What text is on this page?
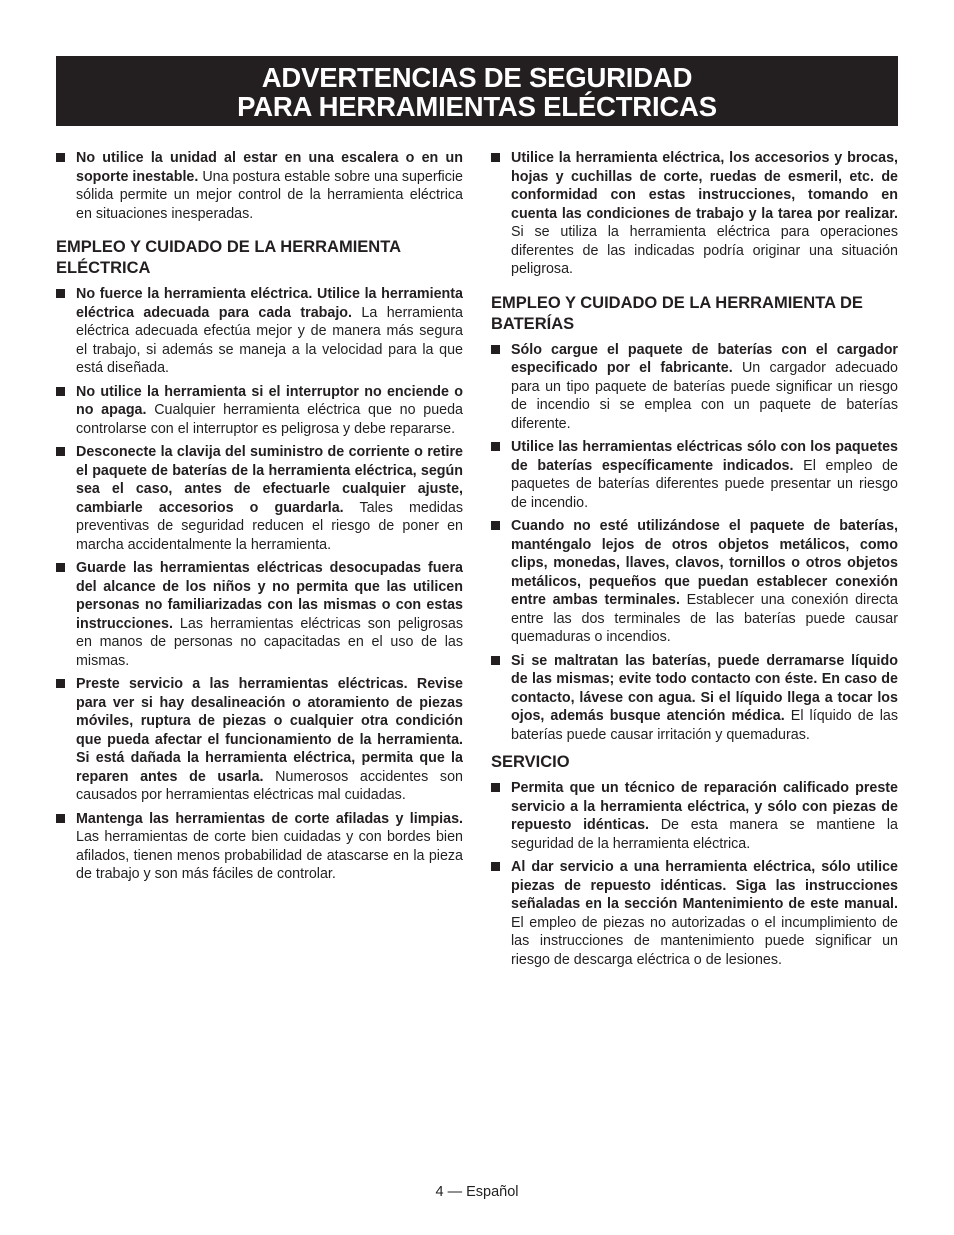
ADVERTENCIAS DE SEGURIDAD
PARA HERRAMIENTAS ELÉCTRICAS
No utilice la unidad al estar en una escalera o en un soporte inestable. Una postura estable sobre una superficie sólida permite un mejor control de la herramienta eléctrica en situaciones inesperadas.
EMPLEO Y CUIDADO DE LA HERRAMIENTA ELÉCTRICA
No fuerce la herramienta eléctrica. Utilice la herramienta eléctrica adecuada para cada trabajo. La herramienta eléctrica adecuada efectúa mejor y de manera más segura el trabajo, si además se maneja a la velocidad para la que está diseñada.
No utilice la herramienta si el interruptor no enciende o no apaga. Cualquier herramienta eléctrica que no pueda controlarse con el interruptor es peligrosa y debe repararse.
Desconecte la clavija del suministro de corriente o retire el paquete de baterías de la herramienta eléctrica, según sea el caso, antes de efectuarle cualquier ajuste, cambiarle accesorios o guardarla. Tales medidas preventivas de seguridad reducen el riesgo de poner en marcha accidentalmente la herramienta.
Guarde las herramientas eléctricas desocupadas fuera del alcance de los niños y no permita que las utilicen personas no familiarizadas con las mismas o con estas instrucciones. Las herramientas eléctricas son peligrosas en manos de personas no capacitadas en el uso de las mismas.
Preste servicio a las herramientas eléctricas. Revise para ver si hay desalineación o atoramiento de piezas móviles, ruptura de piezas o cualquier otra condición que pueda afectar el funcionamiento de la herramienta. Si está dañada la herramienta eléctrica, permita que la reparen antes de usarla. Numerosos accidentes son causados por herramientas eléctricas mal cuidadas.
Mantenga las herramientas de corte afiladas y limpias. Las herramientas de corte bien cuidadas y con bordes bien afilados, tienen menos probabilidad de atascarse en la pieza de trabajo y son más fáciles de controlar.
Utilice la herramienta eléctrica, los accesorios y brocas, hojas y cuchillas de corte, ruedas de esmeril, etc. de conformidad con estas instrucciones, tomando en cuenta las condiciones de trabajo y la tarea por realizar. Si se utiliza la herramienta eléctrica para operaciones diferentes de las indicadas podría originar una situación peligrosa.
EMPLEO Y CUIDADO DE LA HERRAMIENTA DE BATERÍAS
Sólo cargue el paquete de baterías con el cargador especificado por el fabricante. Un cargador adecuado para un tipo paquete de baterías puede significar un riesgo de incendio si se emplea con un paquete de baterías diferente.
Utilice las herramientas eléctricas sólo con los paquetes de baterías específicamente indicados. El empleo de paquetes de baterías diferentes puede presentar un riesgo de incendio.
Cuando no esté utilizándose el paquete de baterías, manténgalo lejos de otros objetos metálicos, como clips, monedas, llaves, clavos, tornillos o otros objetos metálicos, pequeños que puedan establecer conexión entre ambas terminales. Establecer una conexión directa entre las dos terminales de las baterías puede causar quemaduras o incendios.
Si se maltratan las baterías, puede derramarse líquido de las mismas; evite todo contacto con éste. En caso de contacto, lávese con agua. Si el líquido llega a tocar los ojos, además busque atención médica. El líquido de las baterías puede causar irritación y quemaduras.
SERVICIO
Permita que un técnico de reparación calificado preste servicio a la herramienta eléctrica, y sólo con piezas de repuesto idénticas. De esta manera se mantiene la seguridad de la herramienta eléctrica.
Al dar servicio a una herramienta eléctrica, sólo utilice piezas de repuesto idénticas. Siga las instrucciones señaladas en la sección Mantenimiento de este manual. El empleo de piezas no autorizadas o el incumplimiento de las instrucciones de mantenimiento puede significar un riesgo de descarga eléctrica o de lesiones.
4 — Español
